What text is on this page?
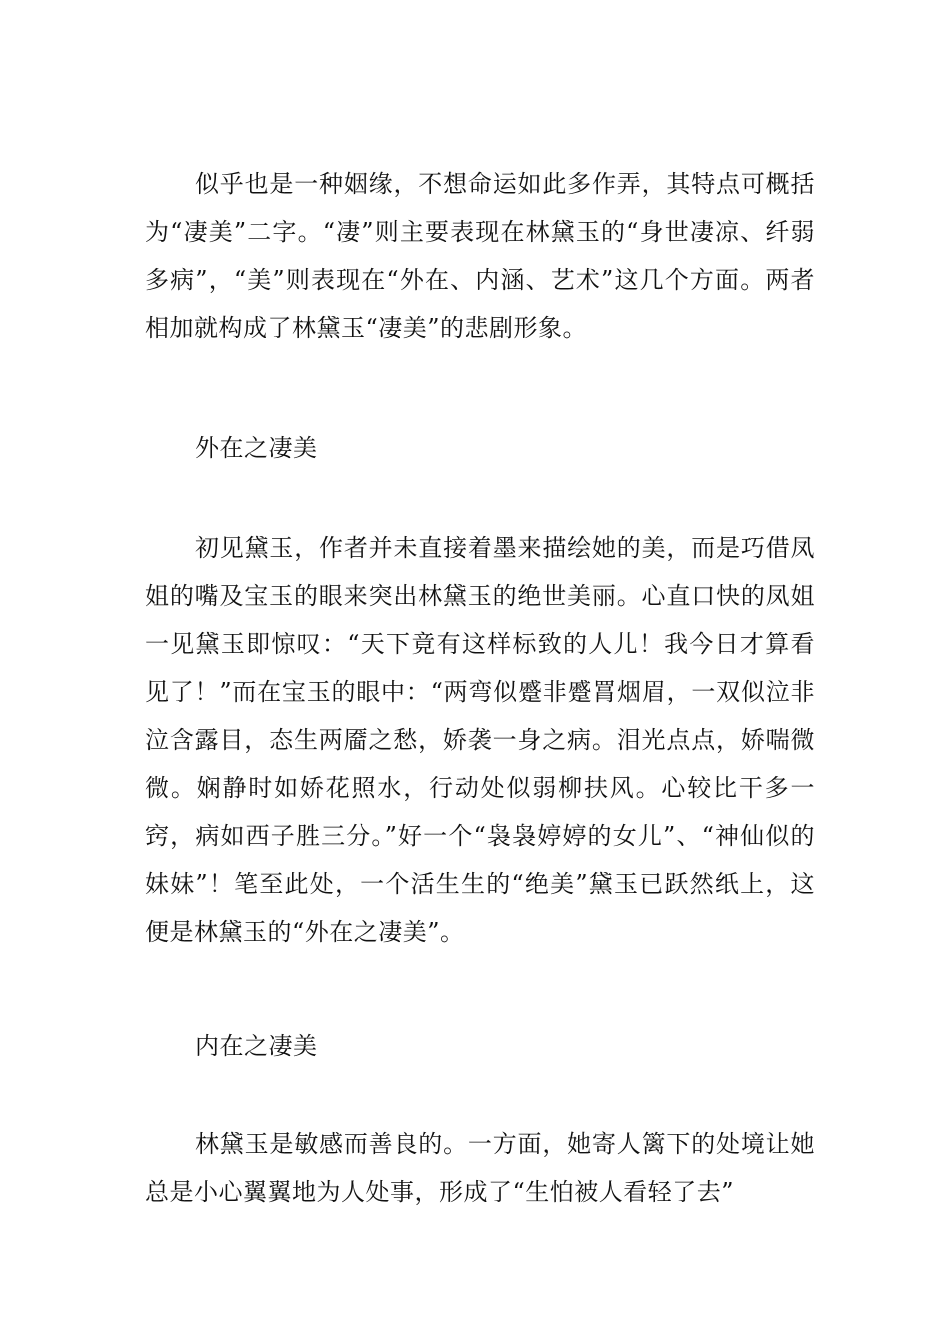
似乎也是一种姻缘，不想命运如此多作弄，其特点可概括为“凄美”二字。“凄”则主要表现在林黛玉的“身世凄凉、纤弱多病”，“美”则表现在“外在、内涵、艺术”这几个方面。两者相加就构成了林黛玉“凄美”的悲剧形象。

外在之凄美

初见黛玉，作者并未直接着墨来描绘她的美，而是巧借凤姐的嘴及宝玉的眼来突出林黛玉的绝世美丽。心直口快的凤姐一见黛玉即惊叹：“天下竟有这样标致的人儿！我今日才算看见了！”而在宝玉的眼中：“两弯似蹙非蹙罥烟眉，一双似泣非泣含露目，态生两靥之愁，娇袭一身之病。泪光点点，娇喘微微。娴静时如娇花照水，行动处似弱柳扶风。心较比干多一窍，病如西子胜三分。”好一个“袅袅婷婷的女儿”、“神仙似的妹妹”！笔至此处，一个活生生的“绝美”黛玉已跃然纸上，这便是林黛玉的“外在之凄美”。

内在之凄美

林黛玉是敏感而善良的。一方面，她寄人篱下的处境让她总是小心翼翼地为人处事，形成了“生怕被人看轻了去”
